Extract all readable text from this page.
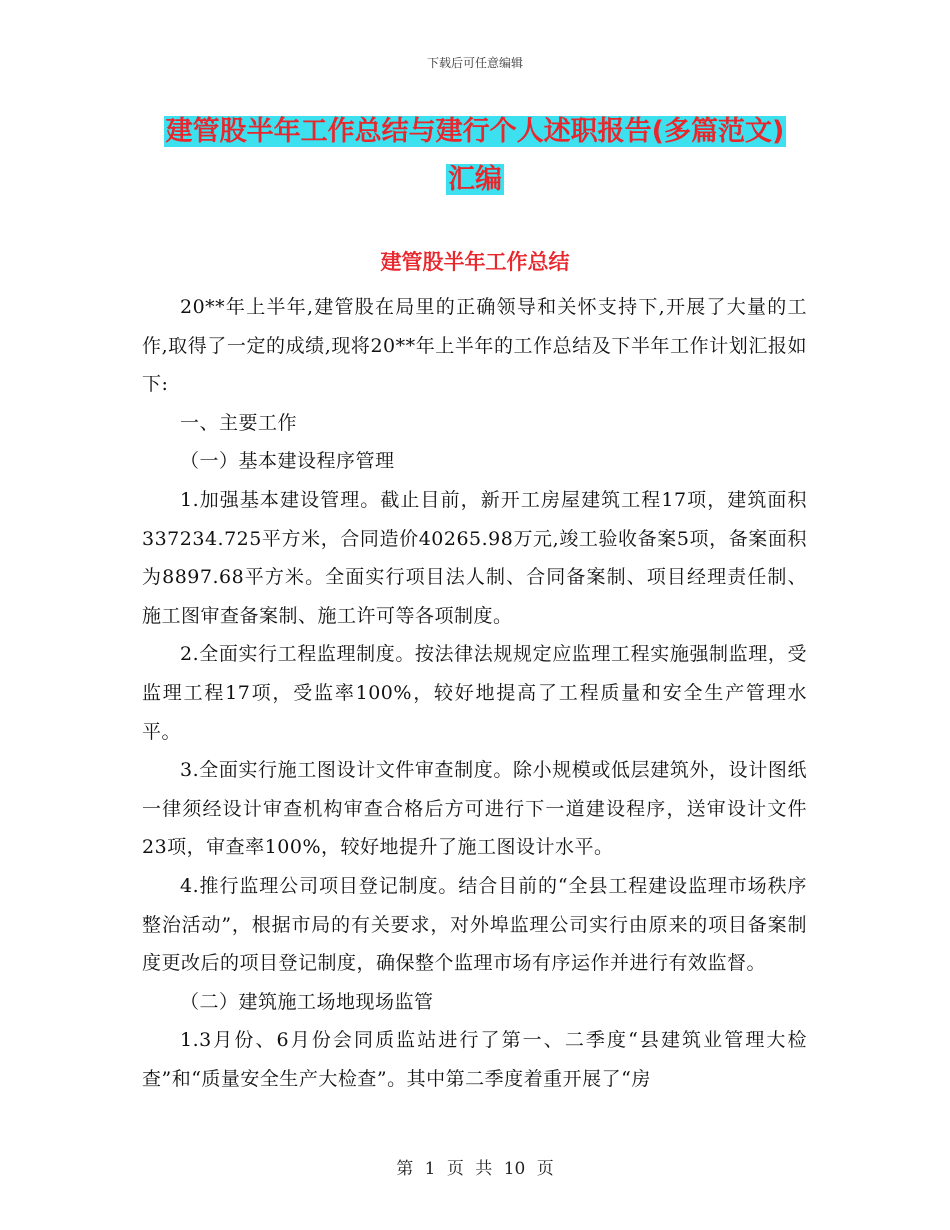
下载后可任意编辑
建管股半年工作总结与建行个人述职报告(多篇范文)
汇编
建管股半年工作总结

20**年上半年,建管股在局里的正确领导和关怀支持下,开展了大量的工作,取得了一定的成绩,现将20**年上半年的工作总结及下半年工作计划汇报如下:

一、主要工作

（一）基本建设程序管理

1.加强基本建设管理。截止目前，新开工房屋建筑工程17项，建筑面积337234.725平方米，合同造价40265.98万元,竣工验收备案5项，备案面积为8897.68平方米。全面实行项目法人制、合同备案制、项目经理责任制、施工图审查备案制、施工许可等各项制度。

2.全面实行工程监理制度。按法律法规规定应监理工程实施强制监理，受监理工程17项，受监率100%，较好地提高了工程质量和安全生产管理水平。

3.全面实行施工图设计文件审查制度。除小规模或低层建筑外，设计图纸一律须经设计审查机构审查合格后方可进行下一道建设程序，送审设计文件23项，审查率100%，较好地提升了施工图设计水平。

4.推行监理公司项目登记制度。结合目前的“全县工程建设监理市场秩序整治活动”，根据市局的有关要求，对外埠监理公司实行由原来的项目备案制度更改后的项目登记制度，确保整个监理市场有序运作并进行有效监督。

（二）建筑施工场地现场监管

1.3月份、6月份会同质监站进行了第一、二季度“县建筑业管理大检查”和“质量安全生产大检查”。其中第二季度着重开展了“房

第 1 页 共 10 页
